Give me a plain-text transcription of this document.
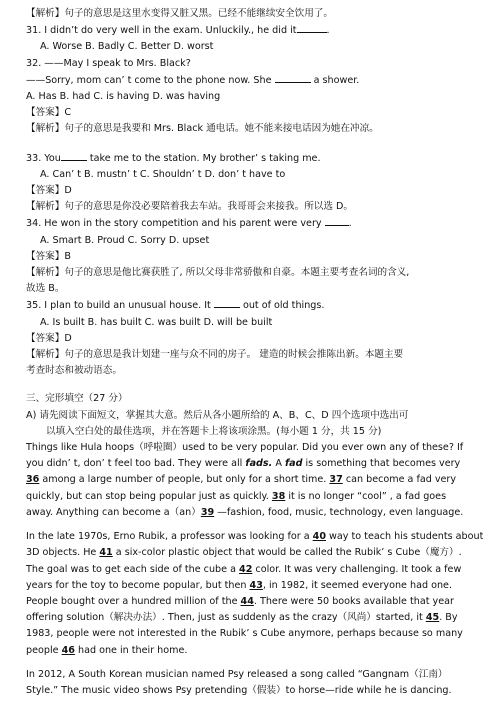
【解析】句子的意思是这里水变得又脏又黑。已经不能继续安全饮用了。
31. I didn’t do very well in the exam. Unluckily., he did it	.
A. Worse B. Badly C. Better D. worst
32. ——May I speak to Mrs. Black?
——Sorry, mom can’ t come to the phone now. She	a shower.
A. Has B. had C. is having D. was having
【答案】C
【解析】句子的意思是我要和 Mrs. Black 通电话。她不能来接电话因为她在冲凉。
33. You	take me to the station. My brother’ s taking me.
A. Can’ t B. mustn’ t C. Shouldn’ t D. don’ t have to
【答案】D
【解析】句子的意思是你没必要陪着我去车站。我哥哥会来接我。所以选 D。
34. He won in the story competition and his parent were very	.
A. Smart B. Proud C. Sorry D. upset
【答案】B
【解析】句子的意思是他比赛获胜了, 所以父母非常骄傲和自豪。本题主要考查名词的含义,
故选 B。
35. I plan to build an unusual house. It	out of old things.
A. Is built B. has built C. was built D. will be built
【答案】D
【解析】句子的意思是我计划建一座与众不同的房子。 建造的时候会推陈出新。本题主要
考查时态和被动语态。
三、完形填空（27 分）
A) 请先阅读下面短文，掌握其大意。然后从各小题所给的 A、B、C、D 四个选项中选出可
以填入空白处的最佳选项，并在答题卡上将该项涂黑。(每小题 1 分，共 15 分)
Things like Hula hoops（呼啦圈）used to be very popular. Did you ever own any of these? If
you didn’ t, don’ t feel too bad. They were all fads. A fad is something that becomes very
36 among a large number of people, but only for a short time. 37 can become a fad very
quickly, but can stop being popular just as quickly. 38 it is no longer “cool” , a fad goes
away. Anything can become a（an）39 —fashion, food, music, technology, even language.
In the late 1970s, Erno Rubik, a professor was looking for a 40 way to teach his students about
3D objects. He 41 a six-color plastic object that would be called the Rubik’ s Cube（魔方）.
The goal was to get each side of the cube a 42 color. It was very challenging. It took a few
years for the toy to become popular, but then 43, in 1982, it seemed everyone had one.
People bought over a hundred million of the 44. There were 50 books available that year
offering solution（解决办法）. Then, just as suddenly as the crazy（风尚）started, it 45. By
1983, people were not interested in the Rubik’ s Cube anymore, perhaps because so many
people 46 had one in their home.
In 2012, A South Korean musician named Psy released a song called “Gangnam（江南）
Style.” The music video shows Psy pretending（假装）to horse—ride while he is dancing.
